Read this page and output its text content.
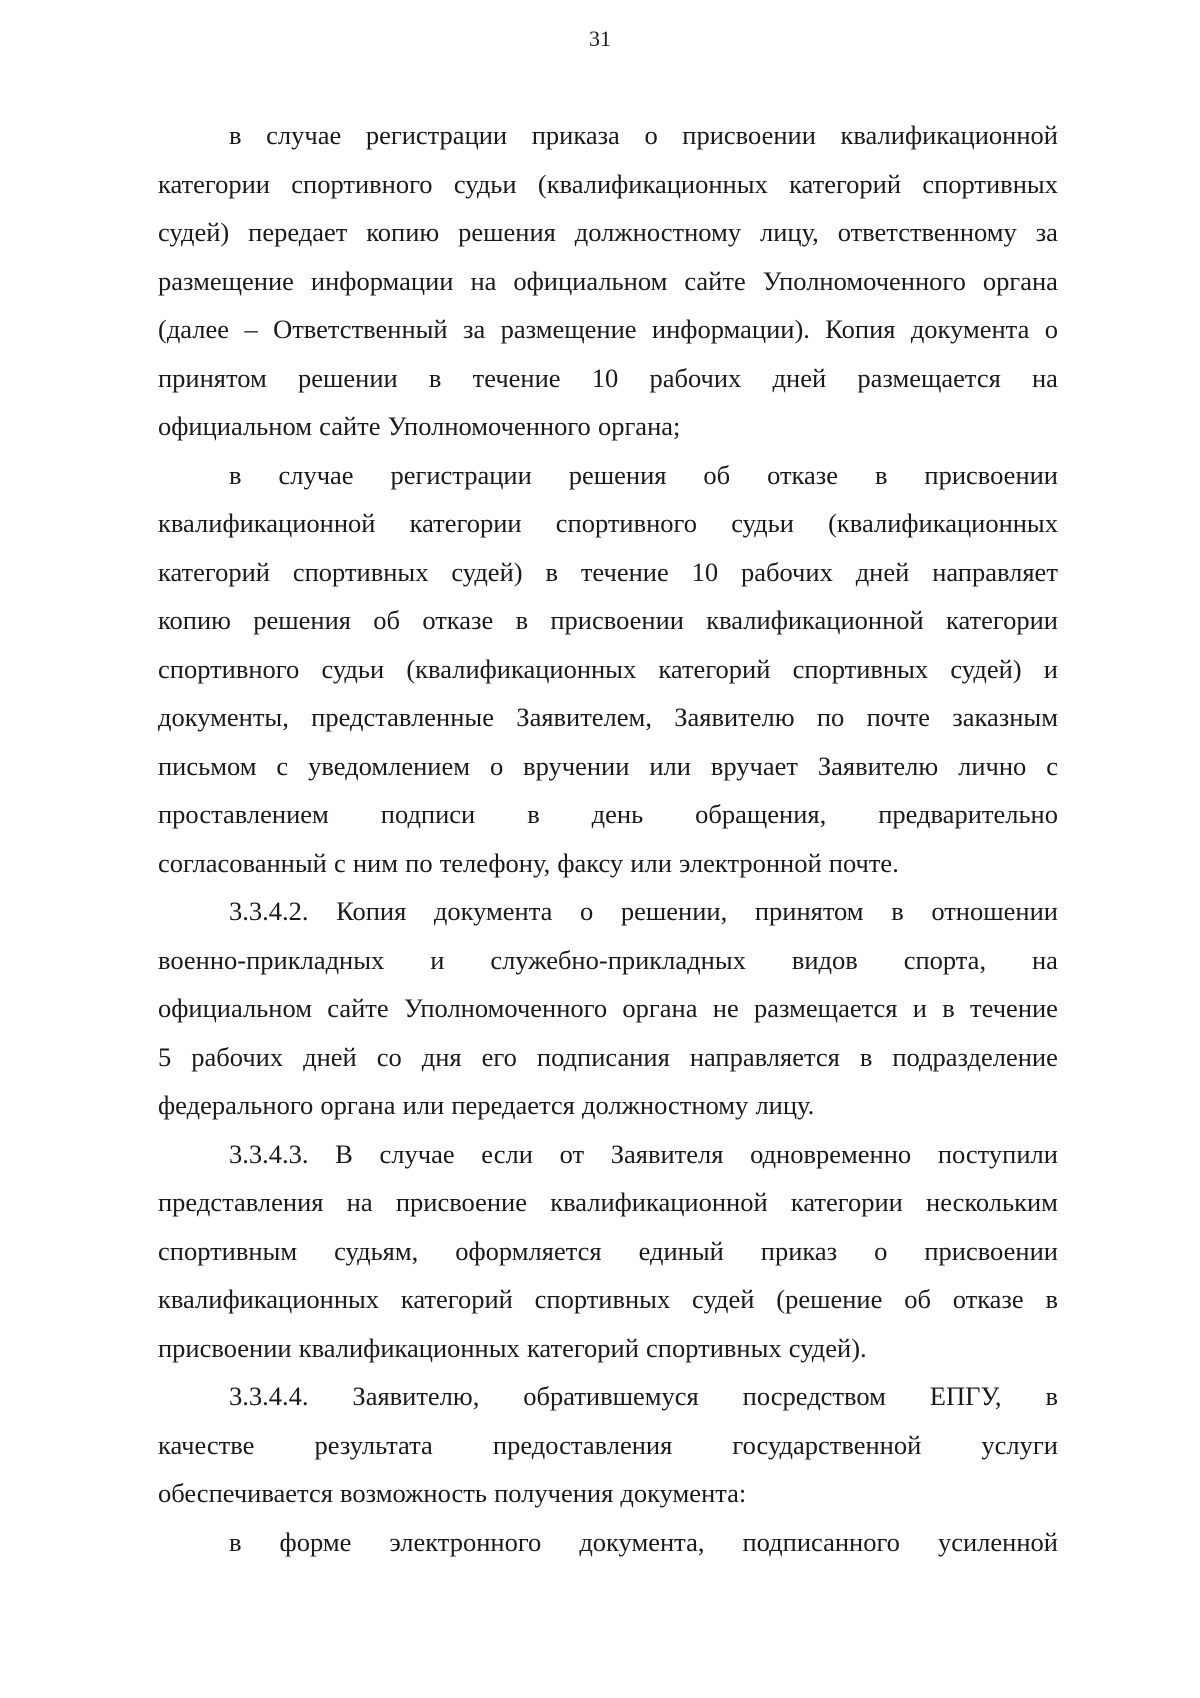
31
в случае регистрации приказа о присвоении квалификационной
категории спортивного судьи (квалификационных категорий спортивных
судей) передает копию решения должностному лицу, ответственному за
размещение информации на официальном сайте Уполномоченного органа
(далее – Ответственный за размещение информации). Копия документа о
принятом решении в течение 10 рабочих дней размещается на
официальном сайте Уполномоченного органа;
в случае регистрации решения об отказе в присвоении
квалификационной категории спортивного судьи (квалификационных
категорий спортивных судей) в течение 10 рабочих дней направляет
копию решения об отказе в присвоении квалификационной категории
спортивного судьи (квалификационных категорий спортивных судей) и
документы, представленные Заявителем, Заявителю по почте заказным
письмом с уведомлением о вручении или вручает Заявителю лично с
проставлением подписи в день обращения, предварительно
согласованный с ним по телефону, факсу или электронной почте.
3.3.4.2. Копия документа о решении, принятом в отношении
военно-прикладных и служебно-прикладных видов спорта, на
официальном сайте Уполномоченного органа не размещается и в течение
5 рабочих дней со дня его подписания направляется в подразделение
федерального органа или передается должностному лицу.
3.3.4.3. В случае если от Заявителя одновременно поступили
представления на присвоение квалификационной категории нескольким
спортивным судьям, оформляется единый приказ о присвоении
квалификационных категорий спортивных судей (решение об отказе в
присвоении квалификационных категорий спортивных судей).
3.3.4.4. Заявителю, обратившемуся посредством ЕПГУ, в
качестве результата предоставления государственной услуги
обеспечивается возможность получения документа:
в форме электронного документа, подписанного усиленной
